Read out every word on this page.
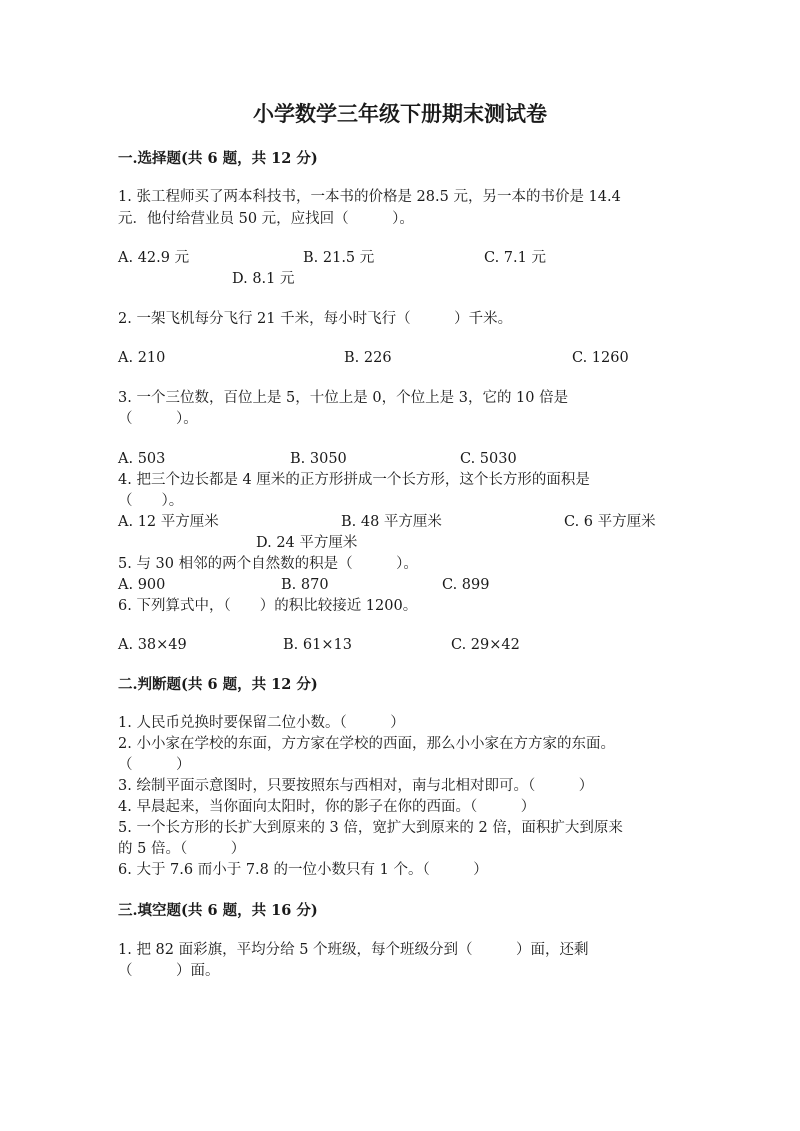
小学数学三年级下册期末测试卷
一.选择题(共 6 题，共 12 分)
1. 张工程师买了两本科技书，一本书的价格是 28.5 元，另一本的书价是 14.4
元．他付给营业员 50 元，应找回（　　　）。
A. 42.9 元	B. 21.5 元	C. 7.1 元
D. 8.1 元
2. 一架飞机每分飞行 21 千米，每小时飞行（　　　）千米。
A. 210	B. 226	C. 1260
3. 一个三位数，百位上是 5，十位上是 0，个位上是 3，它的 10 倍是
（　　　）。
A. 503	B. 3050	C. 5030
4. 把三个边长都是 4 厘米的正方形拼成一个长方形，这个长方形的面积是
（　　）。
A. 12 平方厘米	B. 48 平方厘米	C. 6 平方厘米
D. 24 平方厘米
5. 与 30 相邻的两个自然数的积是（　　　）。
A. 900	B. 870	C. 899
6. 下列算式中，（　　）的积比较接近 1200。
A. 38×49	B. 61×13	C. 29×42
二.判断题(共 6 题，共 12 分)
1. 人民币兑换时要保留二位小数。（　　　）
2. 小小家在学校的东面，方方家在学校的西面，那么小小家在方方家的东面。
（　　　）
3. 绘制平面示意图时，只要按照东与西相对，南与北相对即可。（　　　）
4. 早晨起来，当你面向太阳时，你的影子在你的西面。（　　　）
5. 一个长方形的长扩大到原来的 3 倍，宽扩大到原来的 2 倍，面积扩大到原来
的 5 倍。（　　　）
6. 大于 7.6 而小于 7.8 的一位小数只有 1 个。（　　　）
三.填空题(共 6 题，共 16 分)
1. 把 82 面彩旗，平均分给 5 个班级，每个班级分到（　　　）面，还剩
（　　　）面。
